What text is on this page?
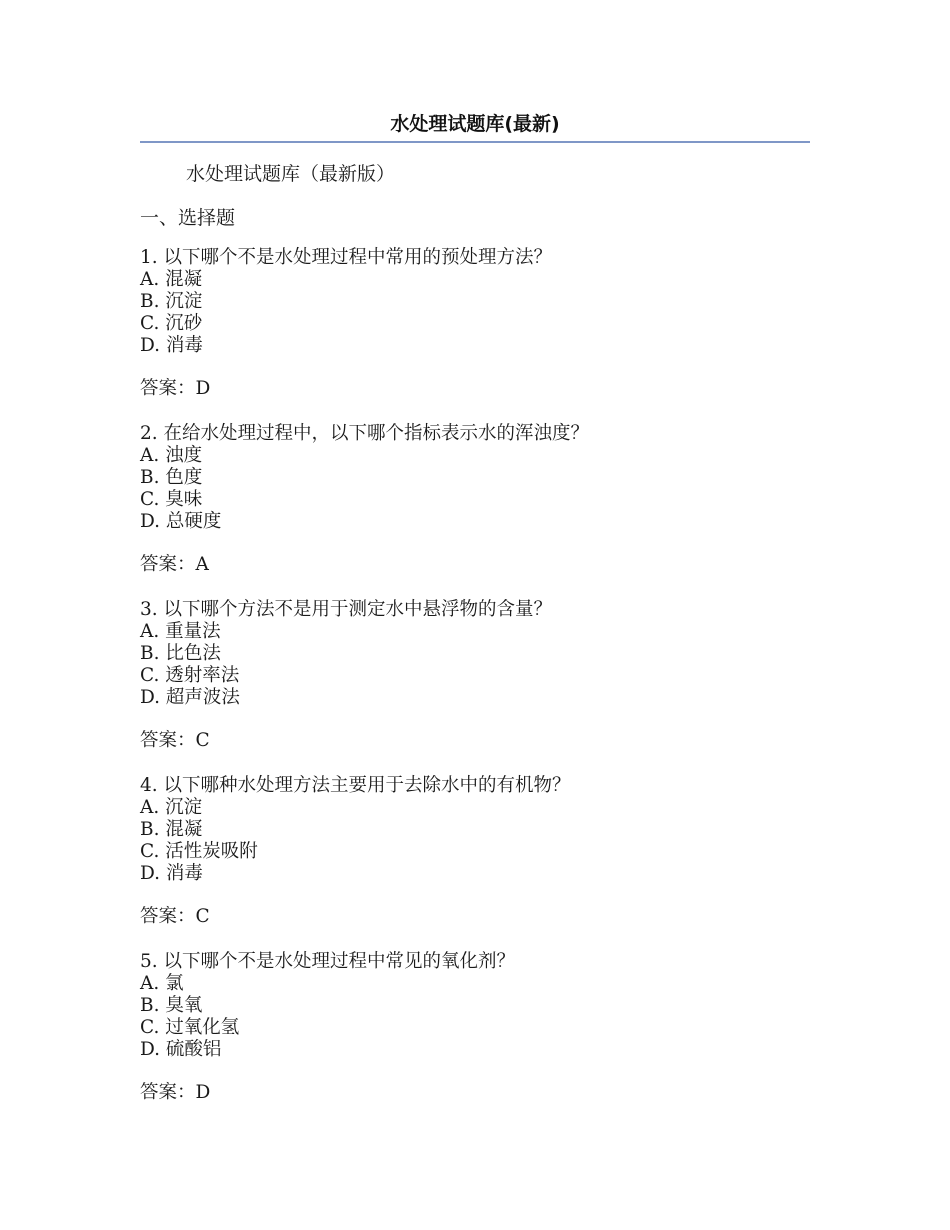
水处理试题库(最新)
水处理试题库（最新版）
一、选择题
1. 以下哪个不是水处理过程中常用的预处理方法？
A. 混凝
B. 沉淀
C. 沉砂
D. 消毒
答案：D
2. 在给水处理过程中，以下哪个指标表示水的浑浊度？
A. 浊度
B. 色度
C. 臭味
D. 总硬度
答案：A
3. 以下哪个方法不是用于测定水中悬浮物的含量？
A. 重量法
B. 比色法
C. 透射率法
D. 超声波法
答案：C
4. 以下哪种水处理方法主要用于去除水中的有机物？
A. 沉淀
B. 混凝
C. 活性炭吸附
D. 消毒
答案：C
5. 以下哪个不是水处理过程中常见的氧化剂？
A. 氯
B. 臭氧
C. 过氧化氢
D. 硫酸铝
答案：D
